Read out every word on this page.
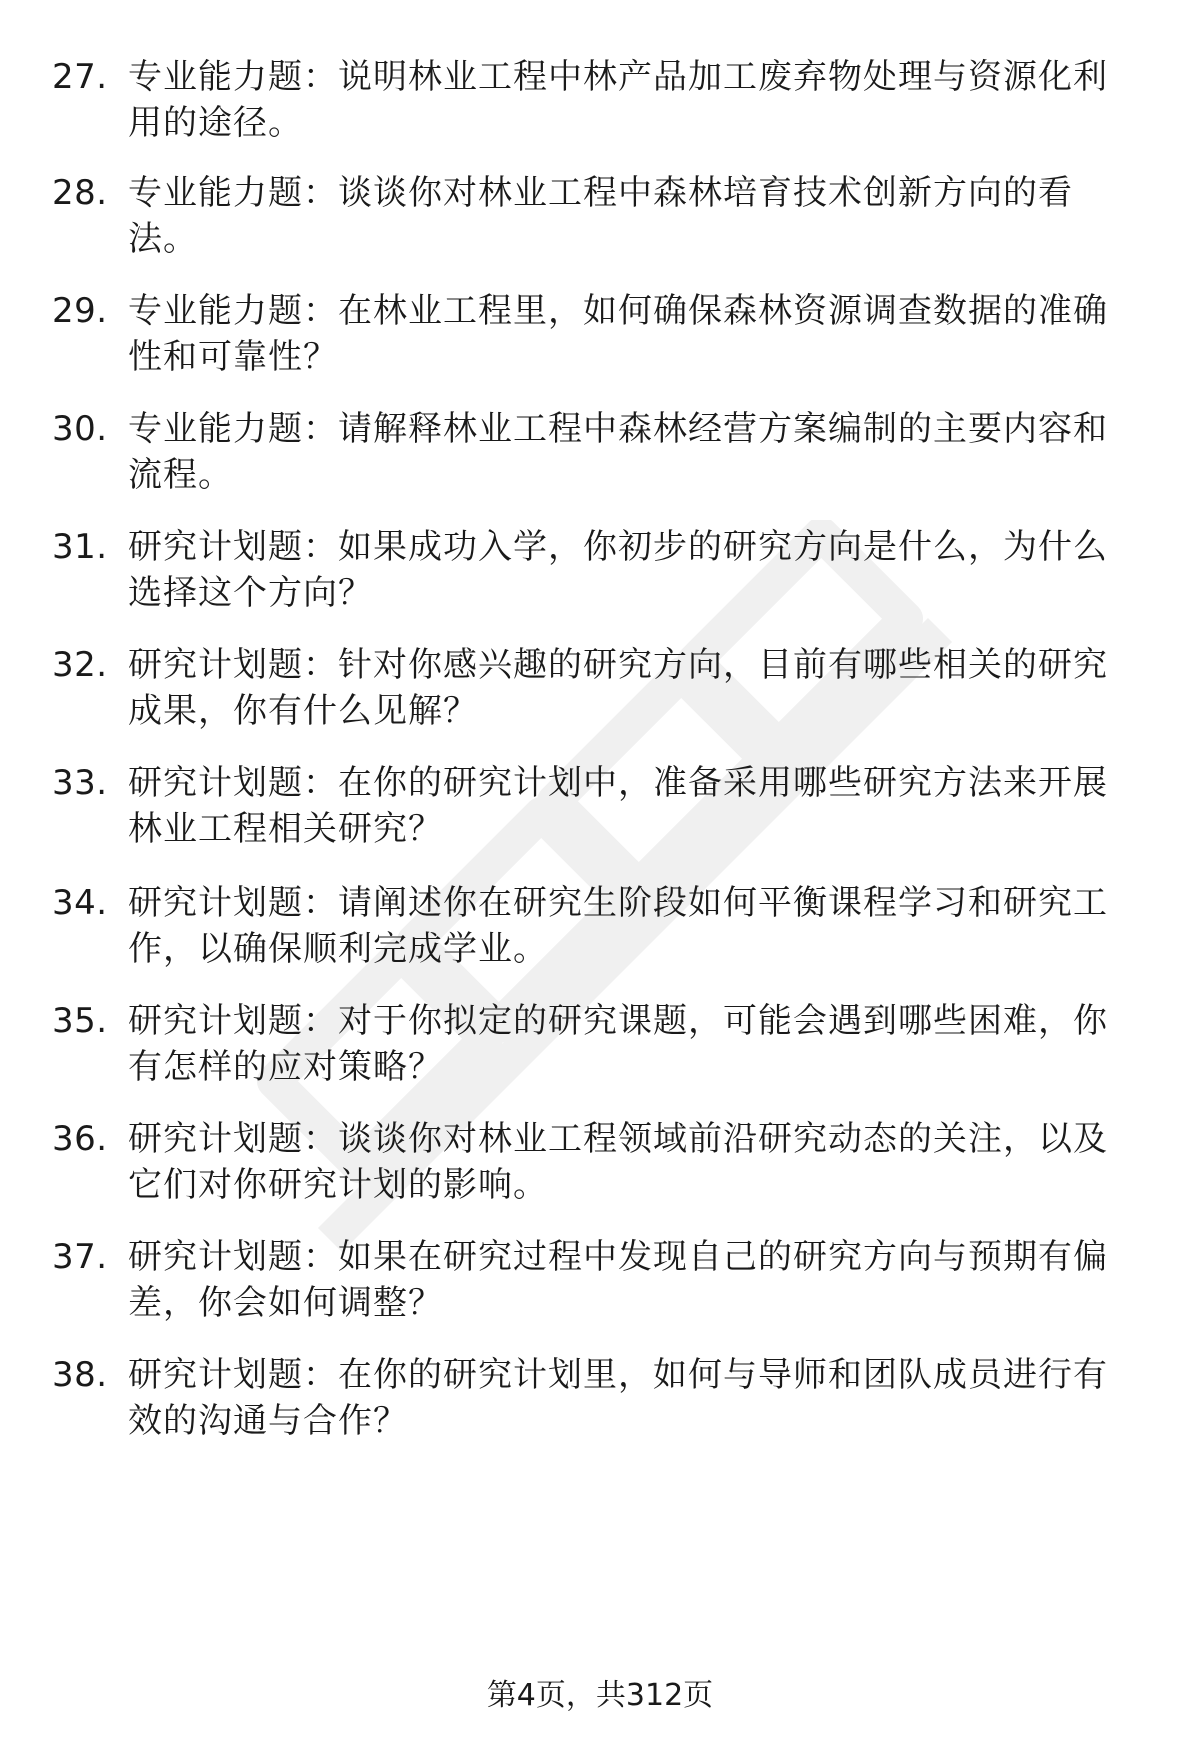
27. 专业能力题：说明林业工程中林产品加工废弃物处理与资源化利用的途径。
28. 专业能力题：谈谈你对林业工程中森林培育技术创新方向的看法。
29. 专业能力题：在林业工程里，如何确保森林资源调查数据的准确性和可靠性？
30. 专业能力题：请解释林业工程中森林经营方案编制的主要内容和流程。
31. 研究计划题：如果成功入学，你初步的研究方向是什么，为什么选择这个方向？
32. 研究计划题：针对你感兴趣的研究方向，目前有哪些相关的研究成果，你有什么见解？
33. 研究计划题：在你的研究计划中，准备采用哪些研究方法来开展林业工程相关研究？
34. 研究计划题：请阐述你在研究生阶段如何平衡课程学习和研究工作，以确保顺利完成学业。
35. 研究计划题：对于你拟定的研究课题，可能会遇到哪些困难，你有怎样的应对策略？
36. 研究计划题：谈谈你对林业工程领域前沿研究动态的关注，以及它们对你研究计划的影响。
37. 研究计划题：如果在研究过程中发现自己的研究方向与预期有偏差，你会如何调整？
38. 研究计划题：在你的研究计划里，如何与导师和团队成员进行有效的沟通与合作？
第4页，共312页
